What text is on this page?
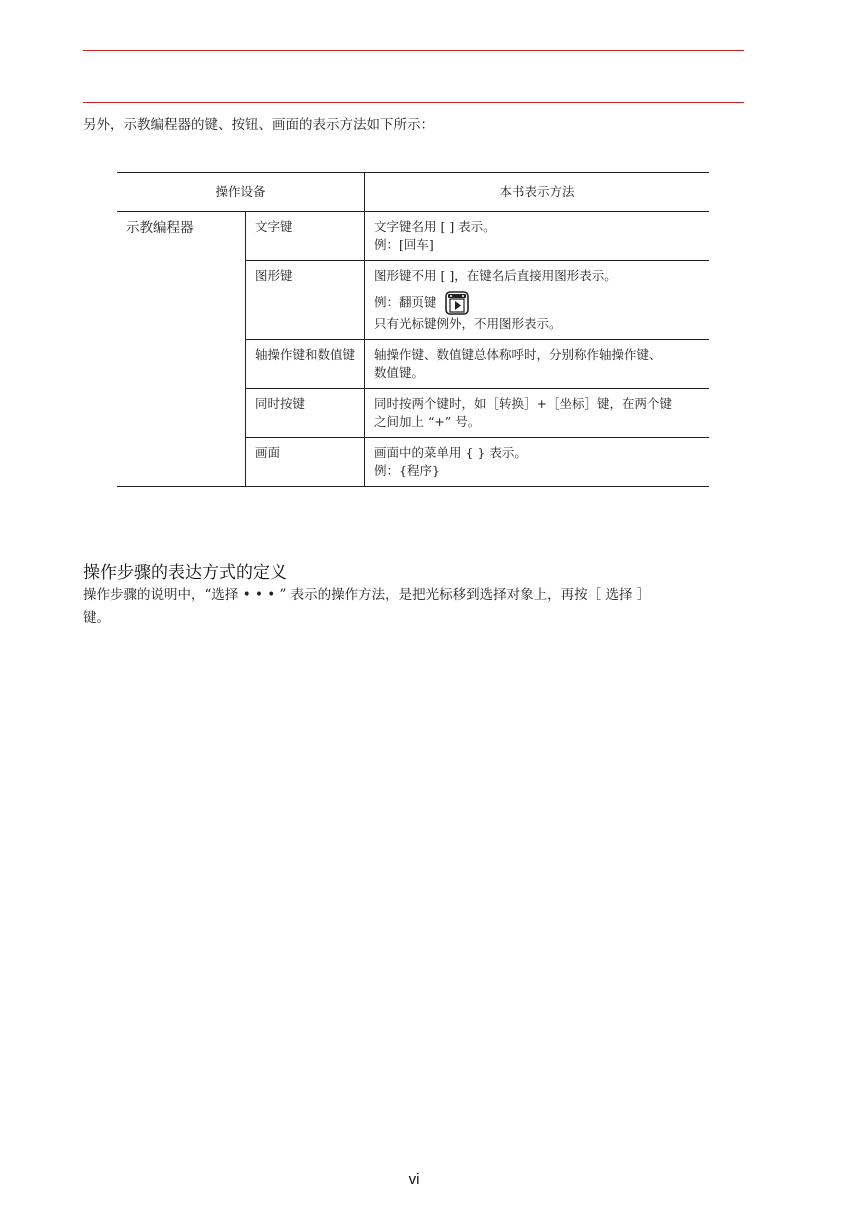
另外，示教编程器的键、按钮、画面的表示方法如下所示：
操作设备		本书表示方法
示教编程器	文字键	文字键名用 [ ] 表示。
例：[回车]

	图形键	图形键不用 [ ]，在键名后直接用图形表示。
例：翻页键
只有光标键例外，不用图形表示。

	轴操作键和数值键	轴操作键、数值键总体称呼时，分别称作轴操作键、
数值键。

	同时按键	同时按两个键时，如［转换］+［坐标］键，在两个键
之间加上 “+” 号。

	画面	画面中的菜单用 { } 表示。
例：{程序}
操作步骤的表达方式的定义
操作步骤的说明中，“选择 • • • ” 表示的操作方法，是把光标移到选择对象上，再按［ 选择 ］
键。
vi
